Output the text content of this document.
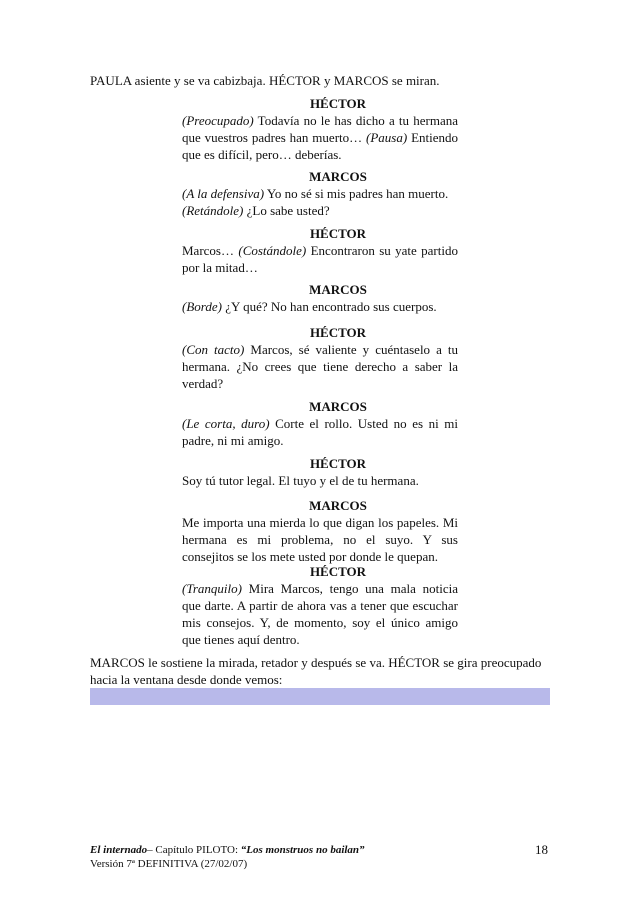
PAULA asiente y se va cabizbaja. HÉCTOR y MARCOS se miran.
HÉCTOR
(Preocupado) Todavía no le has dicho a tu hermana que vuestros padres han muerto… (Pausa) Entiendo que es difícil, pero… deberías.
MARCOS
(A la defensiva) Yo no sé si mis padres han muerto.
(Retándole) ¿Lo sabe usted?
HÉCTOR
Marcos… (Costándole) Encontraron su yate partido por la mitad…
MARCOS
(Borde) ¿Y qué? No han encontrado sus cuerpos.
HÉCTOR
(Con tacto) Marcos, sé valiente y cuéntaselo a tu hermana. ¿No crees que tiene derecho a saber la verdad?
MARCOS
(Le corta, duro) Corte el rollo. Usted no es ni mi padre, ni mi amigo.
HÉCTOR
Soy tú tutor legal. El tuyo y el de tu hermana.
MARCOS
Me importa una mierda lo que digan los papeles. Mi hermana es mi problema, no el suyo. Y sus consejitos se los mete usted por donde le quepan.
HÉCTOR
(Tranquilo) Mira Marcos, tengo una mala noticia que darte. A partir de ahora vas a tener que escuchar mis consejos. Y, de momento, soy el único amigo que tienes aquí dentro.
MARCOS le sostiene la mirada, retador y después se va. HÉCTOR se gira preocupado hacia la ventana desde donde vemos:
El internado– Capítulo PILOTO: “Los monstruos no bailan”
Versión 7ª DEFINITIVA (27/02/07)
18
